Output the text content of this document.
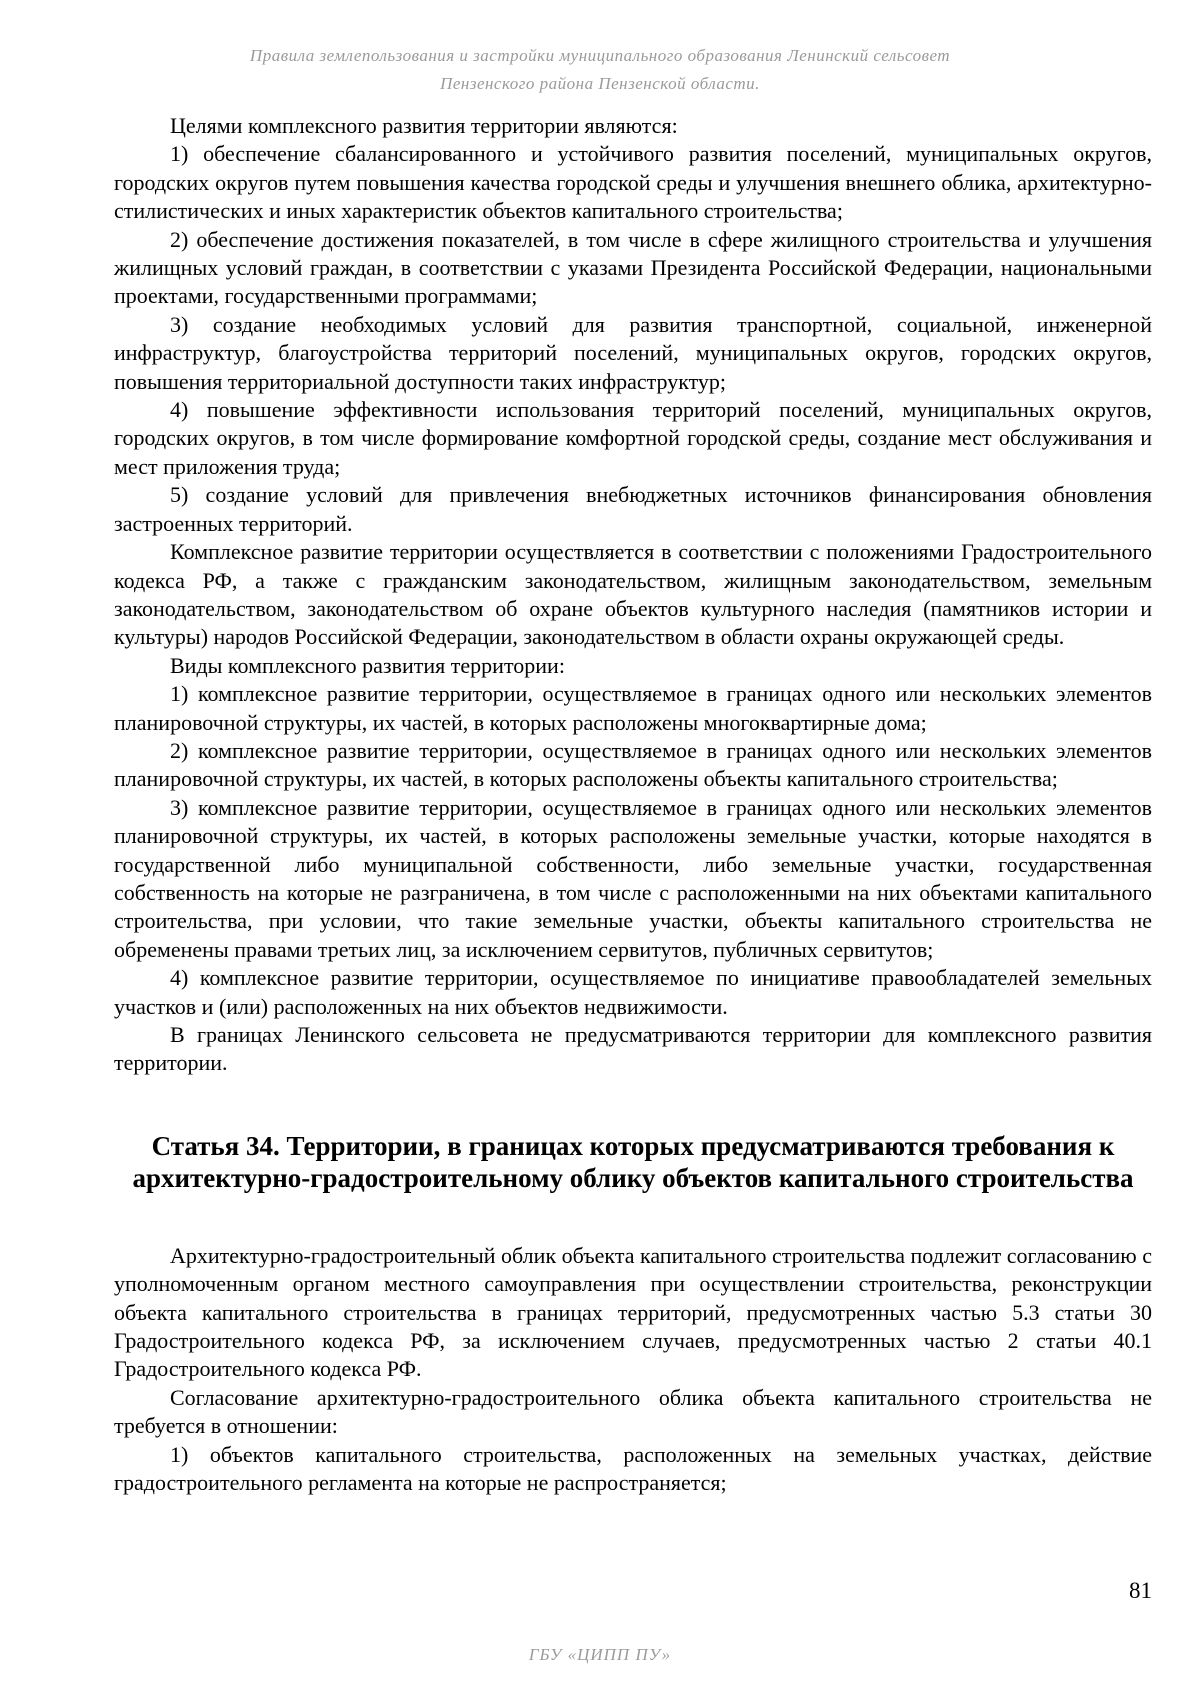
Правила землепользования и застройки муниципального образования Ленинский сельсовет
Пензенского района Пензенской области.

Целями комплексного развития территории являются:

1) обеспечение сбалансированного и устойчивого развития поселений, муниципальных округов, городских округов путем повышения качества городской среды и улучшения внешнего облика, архитектурно-стилистических и иных характеристик объектов капитального строительства;

2) обеспечение достижения показателей, в том числе в сфере жилищного строительства и улучшения жилищных условий граждан, в соответствии с указами Президента Российской Федерации, национальными проектами, государственными программами;

3) создание необходимых условий для развития транспортной, социальной, инженерной инфраструктур, благоустройства территорий поселений, муниципальных округов, городских округов, повышения территориальной доступности таких инфраструктур;

4) повышение эффективности использования территорий поселений, муниципальных округов, городских округов, в том числе формирование комфортной городской среды, создание мест обслуживания и мест приложения труда;

5) создание условий для привлечения внебюджетных источников финансирования обновления застроенных территорий.

Комплексное развитие территории осуществляется в соответствии с положениями Градостроительного кодекса РФ, а также с гражданским законодательством, жилищным законодательством, земельным законодательством, законодательством об охране объектов культурного наследия (памятников истории и культуры) народов Российской Федерации, законодательством в области охраны окружающей среды.

Виды комплексного развития территории:

1) комплексное развитие территории, осуществляемое в границах одного или нескольких элементов планировочной структуры, их частей, в которых расположены многоквартирные дома;

2) комплексное развитие территории, осуществляемое в границах одного или нескольких элементов планировочной структуры, их частей, в которых расположены объекты капитального строительства;

3) комплексное развитие территории, осуществляемое в границах одного или нескольких элементов планировочной структуры, их частей, в которых расположены земельные участки, которые находятся в государственной либо муниципальной собственности, либо земельные участки, государственная собственность на которые не разграничена, в том числе с расположенными на них объектами капитального строительства, при условии, что такие земельные участки, объекты капитального строительства не обременены правами третьих лиц, за исключением сервитутов, публичных сервитутов;

4) комплексное развитие территории, осуществляемое по инициативе правообладателей земельных участков и (или) расположенных на них объектов недвижимости.

В границах Ленинского сельсовета не предусматриваются территории для комплексного развития территории.

Статья 34. Территории, в границах которых предусматриваются требования к архитектурно-градостроительному облику объектов капитального строительства

Архитектурно-градостроительный облик объекта капитального строительства подлежит согласованию с уполномоченным органом местного самоуправления при осуществлении строительства, реконструкции объекта капитального строительства в границах территорий, предусмотренных частью 5.3 статьи 30 Градостроительного кодекса РФ, за исключением случаев, предусмотренных частью 2 статьи 40.1 Градостроительного кодекса РФ.

Согласование архитектурно-градостроительного облика объекта капитального строительства не требуется в отношении:

1) объектов капитального строительства, расположенных на земельных участках, действие градостроительного регламента на которые не распространяется;

81
ГБУ «ЦИПП ПУ»
